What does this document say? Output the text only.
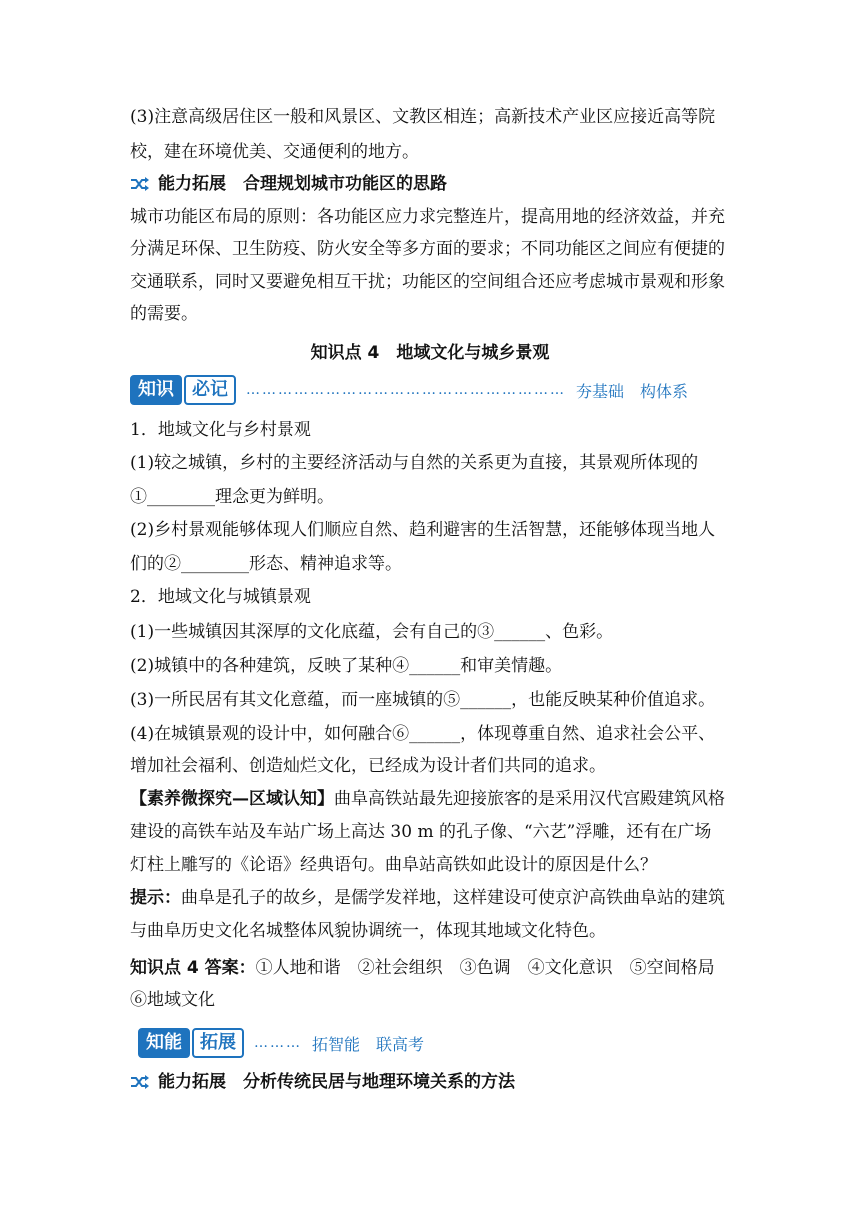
(3)注意高级居住区一般和风景区、文教区相连；高新技术产业区应接近高等院
校，建在环境优美、交通便利的地方。
能力拓展　 合理规划城市功能区的思路
城市功能区布局的原则：各功能区应力求完整连片，提高用地的经济效益，并充
分满足环保、卫生防疫、防火安全等多方面的要求；不同功能区之间应有便捷的
交通联系，同时又要避免相互干扰；功能区的空间组合还应考虑城市景观和形象
的需要。
知识点 4　地域文化与城乡景观
知识	必记	…………………………………………………… 夯基础　构体系
1．地域文化与乡村景观
(1)较之城镇，乡村的主要经济活动与自然的关系更为直接，其景观所体现的
①________理念更为鲜明。
(2)乡村景观能够体现人们顺应自然、趋利避害的生活智慧，还能够体现当地人
们的②________形态、精神追求等。
2．地域文化与城镇景观
(1)一些城镇因其深厚的文化底蕴，会有自己的③______、色彩。
(2)城镇中的各种建筑，反映了某种④______和审美情趣。
(3)一所民居有其文化意蕴，而一座城镇的⑤______，也能反映某种价值追求。
(4)在城镇景观的设计中，如何融合⑥______，体现尊重自然、追求社会公平、
增加社会福利、创造灿烂文化，已经成为设计者们共同的追求。
【素养微探究—区域认知】曲阜高铁站最先迎接旅客的是采用汉代宫殿建筑风格
建设的高铁车站及车站广场上高达 30 m 的孔子像、“六艺”浮雕，还有在广场
灯柱上雕写的《论语》经典语句。曲阜站高铁如此设计的原因是什么？
提示：曲阜是孔子的故乡，是儒学发祥地，这样建设可使京沪高铁曲阜站的建筑
与曲阜历史文化名城整体风貌协调统一，体现其地域文化特色。
知识点 4 答案：①人地和谐　②社会组织　③色调　④文化意识　⑤空间格局
⑥地域文化
知能	拓展	……… 拓智能　联高考
能力拓展　 分析传统民居与地理环境关系的方法
